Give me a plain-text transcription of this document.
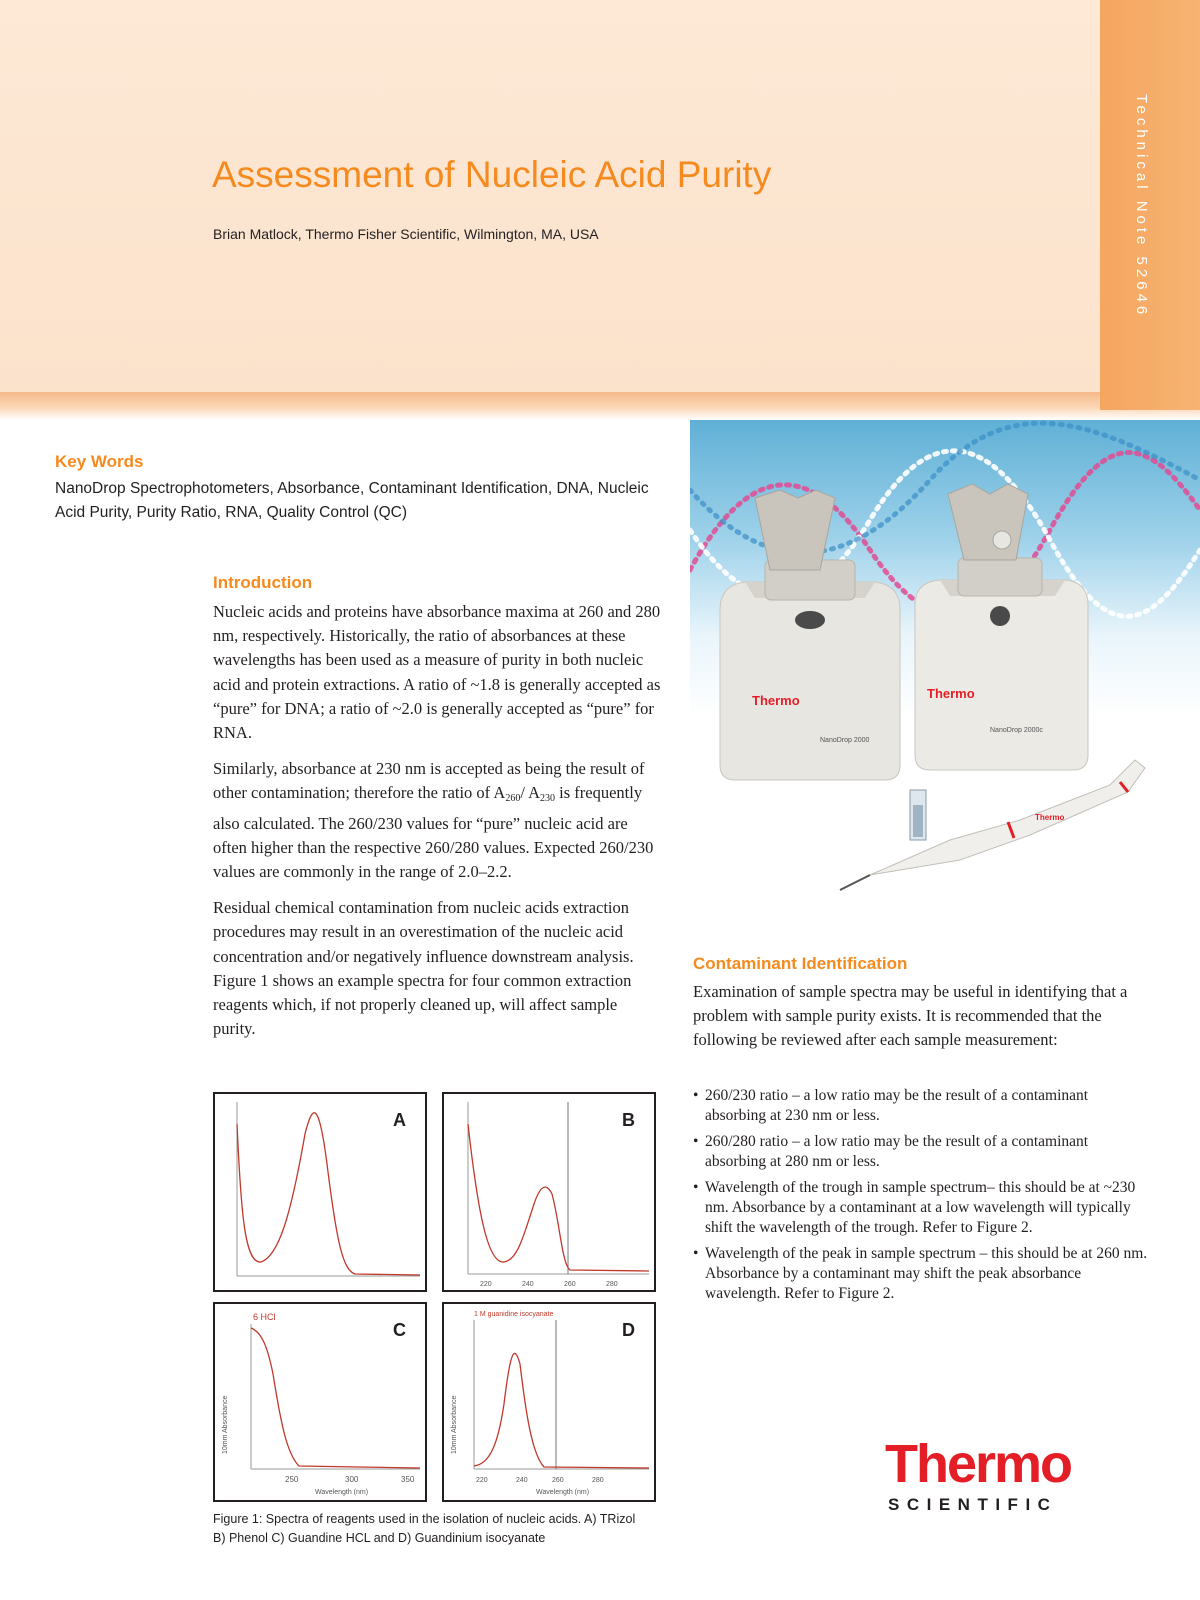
Technical Note 52646
Assessment of Nucleic Acid Purity
Brian Matlock, Thermo Fisher Scientific, Wilmington, MA, USA
Key Words
NanoDrop Spectrophotometers, Absorbance, Contaminant Identification, DNA, Nucleic Acid Purity, Purity Ratio, RNA, Quality Control (QC)
Introduction

Nucleic acids and proteins have absorbance maxima at 260 and 280 nm, respectively. Historically, the ratio of absorbances at these wavelengths has been used as a measure of purity in both nucleic acid and protein extractions. A ratio of ~1.8 is generally accepted as “pure” for DNA; a ratio of ~2.0 is generally accepted as “pure” for RNA.

Similarly, absorbance at 230 nm is accepted as being the result of other contamination; therefore the ratio of $A_{260}/$ $A_{230}$ is frequently also calculated. The 260/230 values for “pure” nucleic acid are often higher than the respective 260/280 values. Expected 260/230 values are commonly in the range of 2.0–2.2.

Residual chemical contamination from nucleic acids extraction procedures may result in an overestimation of the nucleic acid concentration and/or negatively influence downstream analysis. Figure 1 shows an example spectra for four common extraction reagents which, if not properly cleaned up, will affect sample purity.

Thermo
NanoDrop 2000
Thermo
NanoDrop 2000c
Thermo
A
220	240	260	280
B
6 HCl
10mm Absorbance
250	300	350
Wavelength (nm)
C
1 M guanidine isocyanate
10mm Absorbance
220	240	260	280
Wavelength (nm)
D
Figure 1: Spectra of reagents used in the isolation of nucleic acids. A) TRizol
B) Phenol C) Guandine HCL and D) Guandinium isocyanate
Contaminant Identification

Examination of sample spectra may be useful in identifying that a problem with sample purity exists. It is recommended that the following be reviewed after each sample measurement:

• 260/230 ratio – a low ratio may be the result of a contaminant absorbing at 230 nm or less.
• 260/280 ratio – a low ratio may be the result of a contaminant absorbing at 280 nm or less.
• Wavelength of the trough in sample spectrum– this should be at ~230 nm. Absorbance by a contaminant at a low wavelength will typically shift the wavelength of the trough. Refer to Figure 2.
• Wavelength of the peak in sample spectrum – this should be at 260 nm. Absorbance by a contaminant may shift the peak absorbance wavelength. Refer to Figure 2.
Thermo
SCIENTIFIC
